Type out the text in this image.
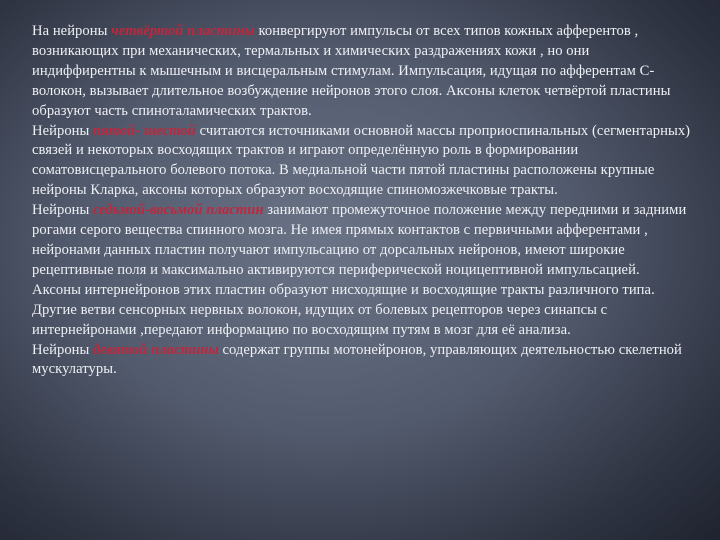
На нейроны четвёртой пластины конвергируют импульсы от всех типов кожных афферентов , возникающих при механических, термальных и химических раздражениях кожи , но они индиффирентны к мышечным и висцеральным стимулам. Импульсация, идущая по афферентам С- волокон, вызывает длительное возбуждение нейронов этого слоя. Аксоны клеток четвёртой пластины образуют часть спиноталамических трактов.
Нейроны пятой- шестой считаются источниками основной массы проприоспинальных (сегментарных) связей и некоторых восходящих трактов и играют определённую роль в формировании соматовисцерального болевого потока. В медиальной части пятой пластины расположены крупные нейроны Кларка, аксоны которых образуют восходящие спиномозжечковые тракты.
Нейроны седьмой-восьмой пластин занимают промежуточное положение между передними и задними рогами серого вещества спинного мозга. Не имея прямых контактов с первичными афферентами , нейронами данных пластин получают импульсацию от дорсальных нейронов, имеют широкие рецептивные поля и максимально активируются периферической ноцицептивной импульсацией. Аксоны интернейронов этих пластин образуют нисходящие и восходящие тракты различного типа. Другие ветви сенсорных нервных волокон, идущих от болевых рецепторов через синапсы с интернейронами ,передают информацию по восходящим путям в мозг для её анализа.
Нейроны девятой пластины содержат группы мотонейронов, управляющих деятельностью скелетной мускулатуры.
